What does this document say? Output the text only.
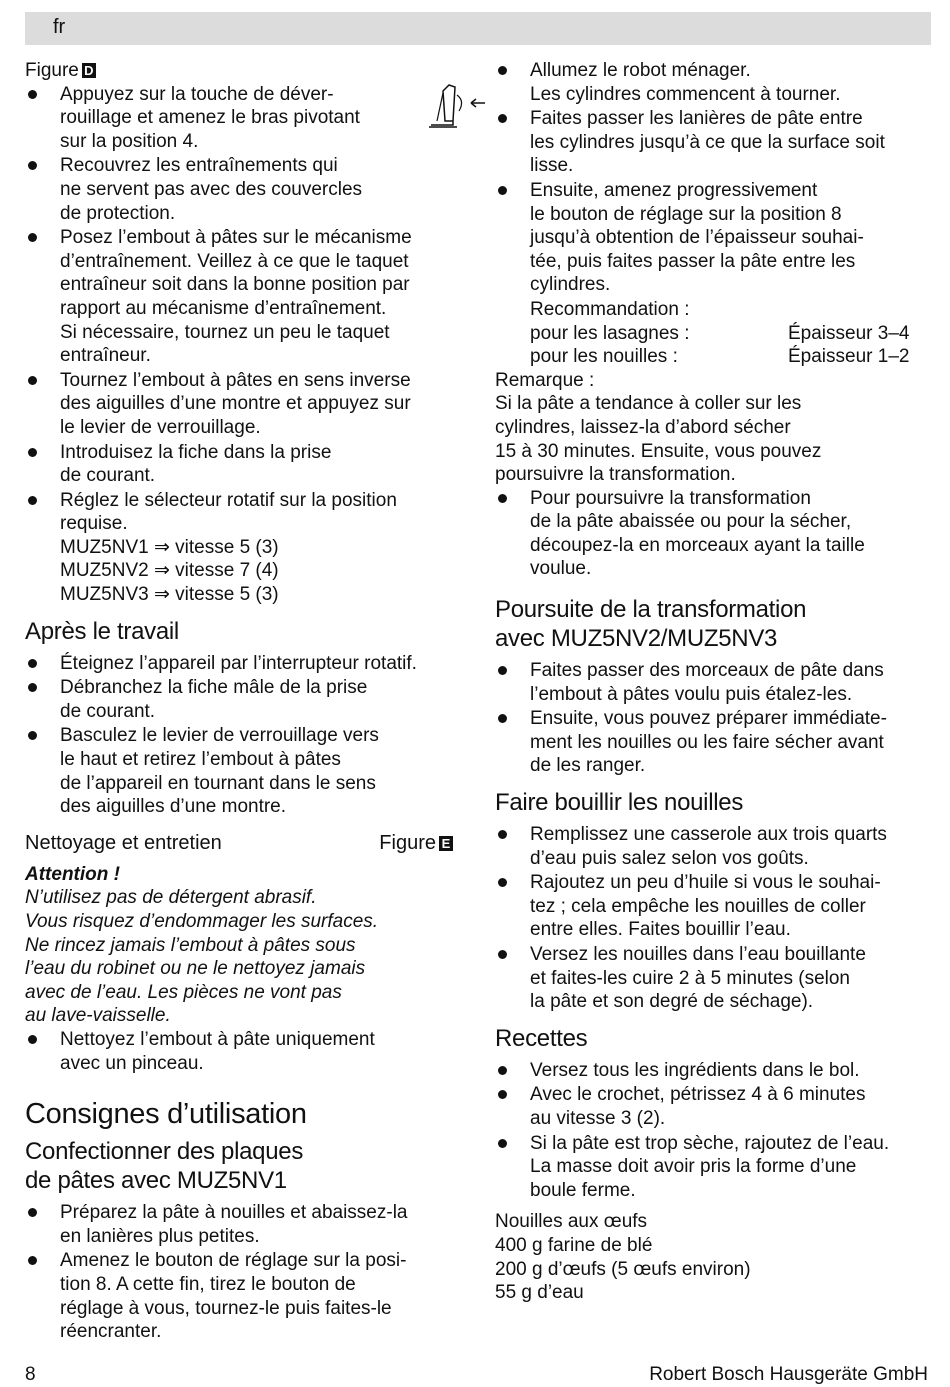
fr

Figure D

Appuyez sur la touche de déver-
rouillage et amenez le bras pivotant
sur la position 4.
Recouvrez les entraînements qui
ne servent pas avec des couvercles
de protection.
Posez l’embout à pâtes sur le mécanisme
d’entraînement. Veillez à ce que le taquet
entraîneur soit dans la bonne position par
rapport au mécanisme d’entraînement.
Si nécessaire, tournez un peu le taquet
entraîneur.
Tournez l’embout à pâtes en sens inverse
des aiguilles d’une montre et appuyez sur
le levier de verrouillage.
Introduisez la fiche dans la prise
de courant.
Réglez le sélecteur rotatif sur la position
requise.
MUZ5NV1 ⇒ vitesse 5 (3)
MUZ5NV2 ⇒ vitesse 7 (4)
MUZ5NV3 ⇒ vitesse 5 (3)
Après le travail
Éteignez l’appareil par l’interrupteur rotatif.
Débranchez la fiche mâle de la prise
de courant.
Basculez le levier de verrouillage vers
le haut et retirez l’embout à pâtes
de l’appareil en tournant dans le sens
des aiguilles d’une montre.
Nettoyage et entretien	Figure E
Attention !
N’utilisez pas de détergent abrasif.
Vous risquez d’endommager les surfaces.
Ne rincez jamais l’embout à pâtes sous
l’eau du robinet ou ne le nettoyez jamais
avec de l’eau. Les pièces ne vont pas
au lave-vaisselle.
Nettoyez l’embout à pâte uniquement
avec un pinceau.
Consignes d’utilisation
Confectionner des plaques
de pâtes avec MUZ5NV1
Préparez la pâte à nouilles et abaissez-la
en lanières plus petites.
Amenez le bouton de réglage sur la posi-
tion 8. A cette fin, tirez le bouton de
réglage à vous, tournez-le puis faites-le
réencranter.
Allumez le robot ménager.
Les cylindres commencent à tourner.
Faites passer les lanières de pâte entre
les cylindres jusqu’à ce que la surface soit
lisse.
Ensuite, amenez progressivement
le bouton de réglage sur la position 8
jusqu’à obtention de l’épaisseur souhai-
tée, puis faites passer la pâte entre les
cylindres.
Recommandation :
pour les lasagnes :	Épaisseur 3–4
pour les nouilles :	Épaisseur 1–2
Remarque :
Si la pâte a tendance à coller sur les
cylindres, laissez-la d’abord sécher
15 à 30 minutes. Ensuite, vous pouvez
poursuivre la transformation.
Pour poursuivre la transformation
de la pâte abaissée ou pour la sécher,
découpez-la en morceaux ayant la taille
voulue.
Poursuite de la transformation
avec MUZ5NV2/MUZ5NV3
Faites passer des morceaux de pâte dans
l’embout à pâtes voulu puis étalez-les.
Ensuite, vous pouvez préparer immédiate-
ment les nouilles ou les faire sécher avant
de les ranger.
Faire bouillir les nouilles
Remplissez une casserole aux trois quarts
d’eau puis salez selon vos goûts.
Rajoutez un peu d’huile si vous le souhai-
tez ; cela empêche les nouilles de coller
entre elles. Faites bouillir l’eau.
Versez les nouilles dans l’eau bouillante
et faites-les cuire 2 à 5 minutes (selon
la pâte et son degré de séchage).
Recettes
Versez tous les ingrédients dans le bol.
Avec le crochet, pétrissez 4 à 6 minutes
au vitesse 3 (2).
Si la pâte est trop sèche, rajoutez de l’eau.
La masse doit avoir pris la forme d’une
boule ferme.
Nouilles aux œufs
400 g farine de blé
200 g d’œufs (5 œufs environ)
55 g d’eau
8	Robert Bosch Hausgeräte GmbH
